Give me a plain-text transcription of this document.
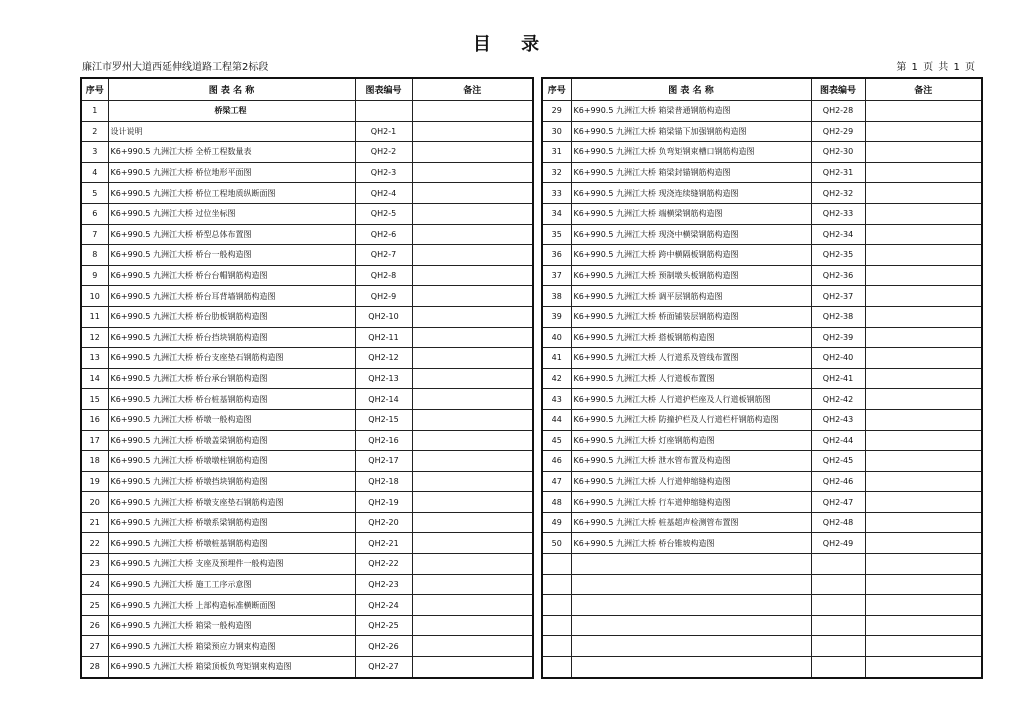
目 录
廉江市罗州大道西延伸线道路工程第2标段	第 1 页 共 1 页
序号	图 表 名 称	图表编号	备注
1	桥梁工程		
2	设计说明	QH2-1	
3	K6+990.5 九洲江大桥 全桥工程数量表	QH2-2	
4	K6+990.5 九洲江大桥 桥位地形平面图	QH2-3	
5	K6+990.5 九洲江大桥 桥位工程地质纵断面图	QH2-4	
6	K6+990.5 九洲江大桥 过位坐标图	QH2-5	
7	K6+990.5 九洲江大桥 桥型总体布置图	QH2-6	
8	K6+990.5 九洲江大桥 桥台一般构造图	QH2-7	
9	K6+990.5 九洲江大桥 桥台台帽钢筋构造图	QH2-8	
10	K6+990.5 九洲江大桥 桥台耳背墙钢筋构造图	QH2-9	
11	K6+990.5 九洲江大桥 桥台肋板钢筋构造图	QH2-10	
12	K6+990.5 九洲江大桥 桥台挡块钢筋构造图	QH2-11	
13	K6+990.5 九洲江大桥 桥台支座垫石钢筋构造图	QH2-12	
14	K6+990.5 九洲江大桥 桥台承台钢筋构造图	QH2-13	
15	K6+990.5 九洲江大桥 桥台桩基钢筋构造图	QH2-14	
16	K6+990.5 九洲江大桥 桥墩一般构造图	QH2-15	
17	K6+990.5 九洲江大桥 桥墩盖梁钢筋构造图	QH2-16	
18	K6+990.5 九洲江大桥 桥墩墩柱钢筋构造图	QH2-17	
19	K6+990.5 九洲江大桥 桥墩挡块钢筋构造图	QH2-18	
20	K6+990.5 九洲江大桥 桥墩支座垫石钢筋构造图	QH2-19	
21	K6+990.5 九洲江大桥 桥墩系梁钢筋构造图	QH2-20	
22	K6+990.5 九洲江大桥 桥墩桩基钢筋构造图	QH2-21	
23	K6+990.5 九洲江大桥 支座及预埋件一般构造图	QH2-22	
24	K6+990.5 九洲江大桥 施工工序示意图	QH2-23	
25	K6+990.5 九洲江大桥 上部构造标准横断面图	QH2-24	
26	K6+990.5 九洲江大桥 箱梁一般构造图	QH2-25	
27	K6+990.5 九洲江大桥 箱梁预应力钢束构造图	QH2-26	
28	K6+990.5 九洲江大桥 箱梁顶板负弯矩钢束构造图	QH2-27	
序号	图 表 名 称	图表编号	备注
29	K6+990.5 九洲江大桥 箱梁普通钢筋构造图	QH2-28	
30	K6+990.5 九洲江大桥 箱梁锚下加强钢筋构造图	QH2-29	
31	K6+990.5 九洲江大桥 负弯矩钢束槽口钢筋构造图	QH2-30	
32	K6+990.5 九洲江大桥 箱梁封锚钢筋构造图	QH2-31	
33	K6+990.5 九洲江大桥 现浇连续缝钢筋构造图	QH2-32	
34	K6+990.5 九洲江大桥 端横梁钢筋构造图	QH2-33	
35	K6+990.5 九洲江大桥 现浇中横梁钢筋构造图	QH2-34	
36	K6+990.5 九洲江大桥 跨中横隔板钢筋构造图	QH2-35	
37	K6+990.5 九洲江大桥 预制墩头板钢筋构造图	QH2-36	
38	K6+990.5 九洲江大桥 调平层钢筋构造图	QH2-37	
39	K6+990.5 九洲江大桥 桥面铺装层钢筋构造图	QH2-38	
40	K6+990.5 九洲江大桥 搭板钢筋构造图	QH2-39	
41	K6+990.5 九洲江大桥 人行道系及管线布置图	QH2-40	
42	K6+990.5 九洲江大桥 人行道板布置图	QH2-41	
43	K6+990.5 九洲江大桥 人行道护栏座及人行道板钢筋图	QH2-42	
44	K6+990.5 九洲江大桥 防撞护栏及人行道栏杆钢筋构造图	QH2-43	
45	K6+990.5 九洲江大桥 灯座钢筋构造图	QH2-44	
46	K6+990.5 九洲江大桥 泄水管布置及构造图	QH2-45	
47	K6+990.5 九洲江大桥 人行道伸缩缝构造图	QH2-46	
48	K6+990.5 九洲江大桥 行车道伸缩缝构造图	QH2-47	
49	K6+990.5 九洲江大桥 桩基超声检测管布置图	QH2-48	
50	K6+990.5 九洲江大桥 桥台锥坡构造图	QH2-49	
